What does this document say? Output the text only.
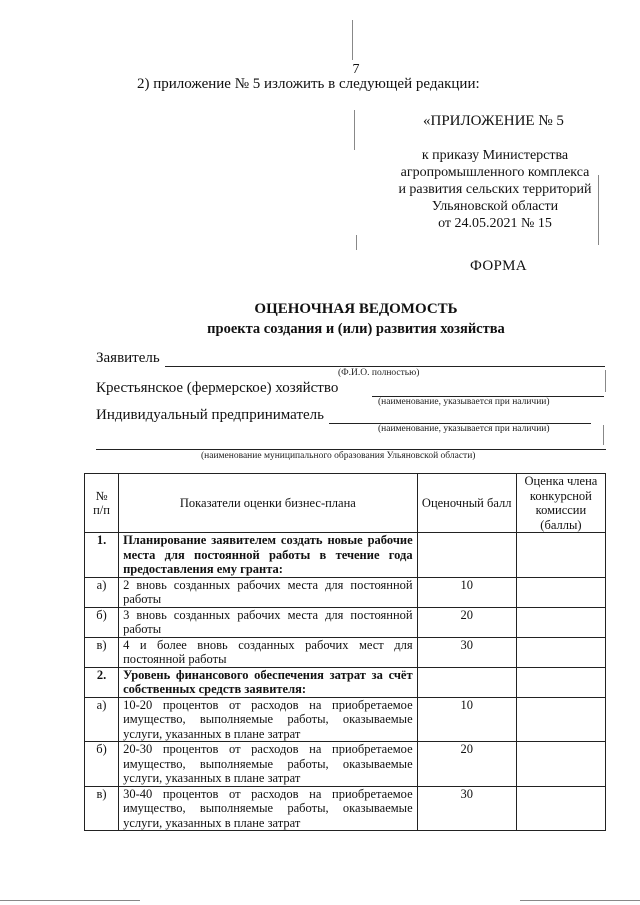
7
2) приложение № 5 изложить в следующей редакции:
«ПРИЛОЖЕНИЕ № 5
к приказу Министерства
агропромышленного комплекса
и развития сельских территорий
Ульяновской области
от 24.05.2021 № 15
ФОРМА
ОЦЕНОЧНАЯ ВЕДОМОСТЬ
проекта создания и (или) развития хозяйства
Заявитель
(Ф.И.О. полностью)
Крестьянское (фермерское) хозяйство
(наименование, указывается при наличии)
Индивидуальный предприниматель
(наименование, указывается при наличии)
(наименование муниципального образования Ульяновской области)
№ п/п	Показатели оценки бизнес-плана	Оценочный балл	Оценка члена конкурсной комиссии (баллы)
1.	Планирование заявителем создать новые рабочие места для постоянной работы в течение года предоставления ему гранта:		
а)	2 вновь созданных рабочих места для постоянной работы	10	
б)	3 вновь созданных рабочих места для постоянной работы	20	
в)	4 и более вновь созданных рабочих мест для постоянной работы	30	
2.	Уровень финансового обеспечения затрат за счёт собственных средств заявителя:		
а)	10-20 процентов от расходов на приобретаемое имущество, выполняемые работы, оказываемые услуги, указанных в плане затрат	10	
б)	20-30 процентов от расходов на приобретаемое имущество, выполняемые работы, оказываемые услуги, указанных в плане затрат	20	
в)	30-40 процентов от расходов на приобретаемое имущество, выполняемые работы, оказываемые услуги, указанных в плане затрат	30	
